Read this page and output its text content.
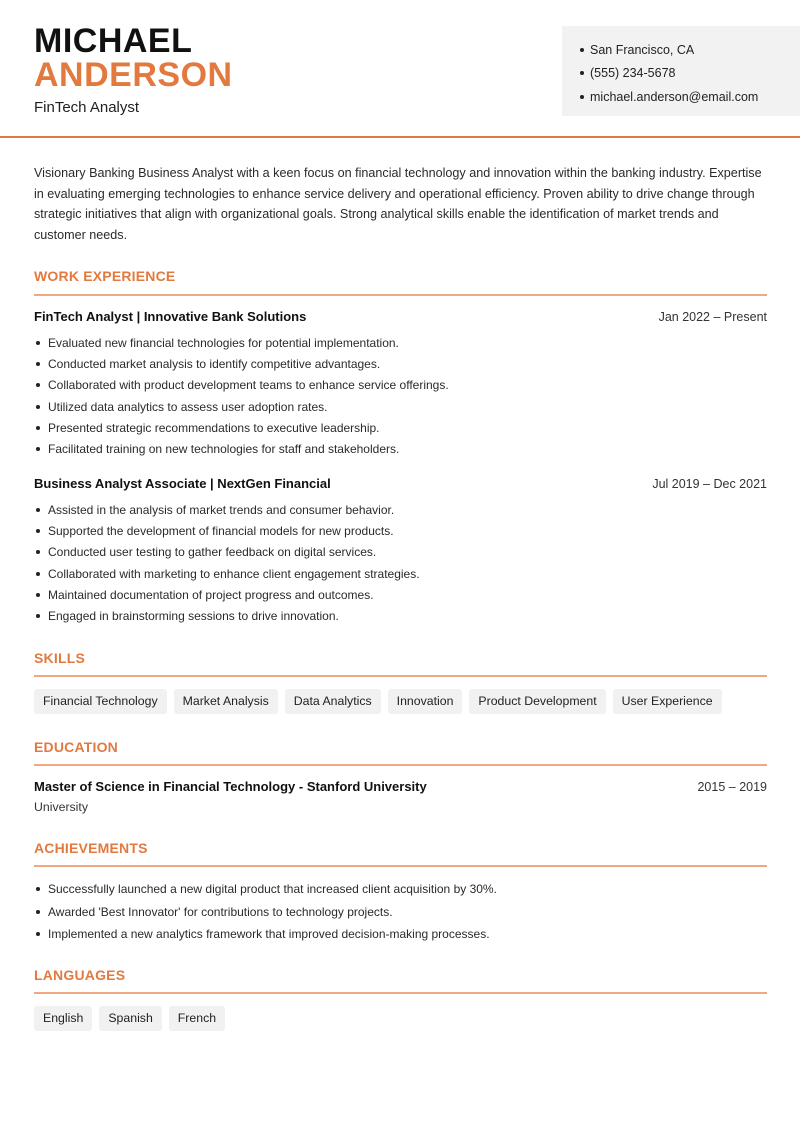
MICHAEL
ANDERSON
FinTech Analyst
San Francisco, CA
(555) 234-5678
michael.anderson@email.com
Visionary Banking Business Analyst with a keen focus on financial technology and innovation within the banking industry. Expertise in evaluating emerging technologies to enhance service delivery and operational efficiency. Proven ability to drive change through strategic initiatives that align with organizational goals. Strong analytical skills enable the identification of market trends and customer needs.
WORK EXPERIENCE
FinTech Analyst | Innovative Bank Solutions	Jan 2022 – Present
Evaluated new financial technologies for potential implementation.
Conducted market analysis to identify competitive advantages.
Collaborated with product development teams to enhance service offerings.
Utilized data analytics to assess user adoption rates.
Presented strategic recommendations to executive leadership.
Facilitated training on new technologies for staff and stakeholders.
Business Analyst Associate | NextGen Financial	Jul 2019 – Dec 2021
Assisted in the analysis of market trends and consumer behavior.
Supported the development of financial models for new products.
Conducted user testing to gather feedback on digital services.
Collaborated with marketing to enhance client engagement strategies.
Maintained documentation of project progress and outcomes.
Engaged in brainstorming sessions to drive innovation.
SKILLS
Financial Technology	Market Analysis	Data Analytics	Innovation	Product Development	User Experience
EDUCATION
Master of Science in Financial Technology - Stanford University	2015 – 2019
University
ACHIEVEMENTS
Successfully launched a new digital product that increased client acquisition by 30%.
Awarded 'Best Innovator' for contributions to technology projects.
Implemented a new analytics framework that improved decision-making processes.
LANGUAGES
English	Spanish	French
